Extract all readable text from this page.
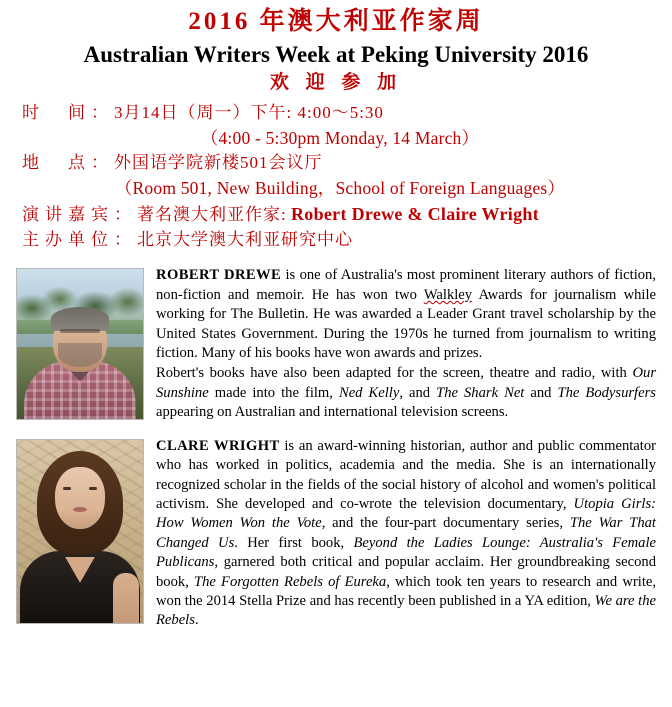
2016 年澳大利亚作家周
Australian Writers Week at Peking University 2016
欢 迎 参 加
时　间： 3月14日（周一）下午: 4:00～5:30
（4:00 - 5:30pm Monday, 14 March）
地　点： 外国语学院新楼501会议厅
（Room 501, New Building，School of Foreign Languages）
演讲嘉宾： 著名澳大利亚作家: Robert Drewe & Claire Wright
主办单位： 北京大学澳大利亚研究中心

ROBERT DREWE is one of Australia's most prominent literary authors of fiction, non-fiction and memoir. He has won two Walkley Awards for journalism while working for The Bulletin. He was awarded a Leader Grant travel scholarship by the United States Government. During the 1970s he turned from journalism to writing fiction. Many of his books have won awards and prizes.

Robert's books have also been adapted for the screen, theatre and radio, with Our Sunshine made into the film, Ned Kelly, and The Shark Net and The Bodysurfers appearing on Australian and international television screens.

CLARE WRIGHT is an award-winning historian, author and public commentator who has worked in politics, academia and the media. She is an internationally recognized scholar in the fields of the social history of alcohol and women's political activism. She developed and co-wrote the television documentary, Utopia Girls: How Women Won the Vote, and the four-part documentary series, The War That Changed Us. Her first book, Beyond the Ladies Lounge: Australia's Female Publicans, garnered both critical and popular acclaim. Her groundbreaking second book, The Forgotten Rebels of Eureka, which took ten years to research and write, won the 2014 Stella Prize and has recently been published in a YA edition, We are the Rebels.
